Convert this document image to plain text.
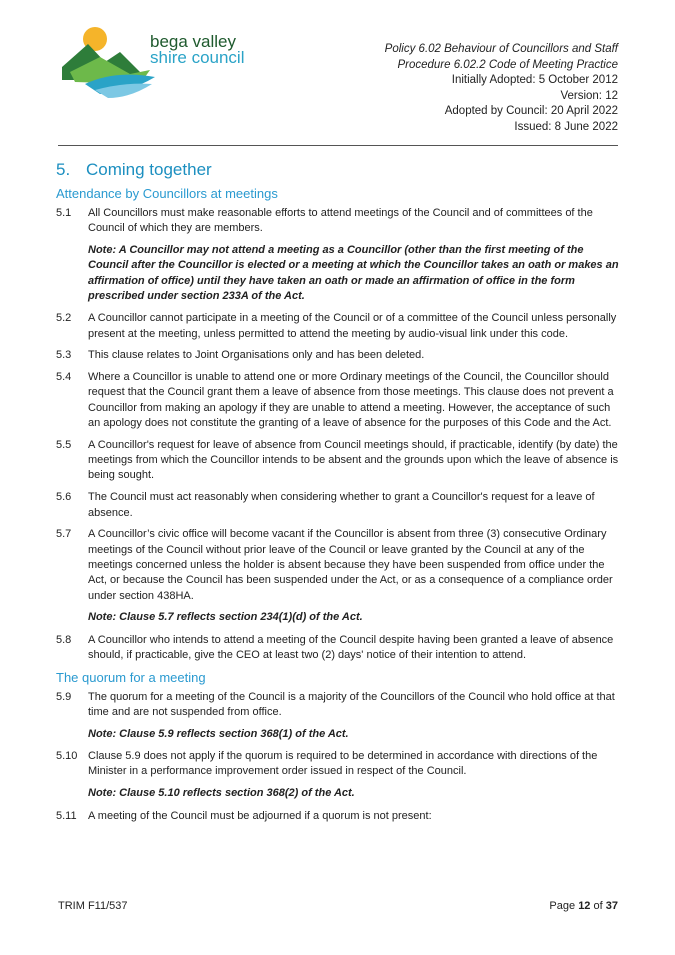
bega valley
shire council	Policy 6.02 Behaviour of Councillors and Staff
Procedure 6.02.2 Code of Meeting Practice
Initially Adopted: 5 October 2012
Version: 12
Adopted by Council: 20 April 2022
Issued: 8 June 2022
5. Coming together
Attendance by Councillors at meetings
5.1	All Councillors must make reasonable efforts to attend meetings of the Council and of committees of the Council of which they are members.
Note: A Councillor may not attend a meeting as a Councillor (other than the first meeting of the Council after the Councillor is elected or a meeting at which the Councillor takes an oath or makes an affirmation of office) until they have taken an oath or made an affirmation of office in the form prescribed under section 233A of the Act.
5.2	A Councillor cannot participate in a meeting of the Council or of a committee of the Council unless personally present at the meeting, unless permitted to attend the meeting by audio-visual link under this code.
5.3	This clause relates to Joint Organisations only and has been deleted.
5.4	Where a Councillor is unable to attend one or more Ordinary meetings of the Council, the Councillor should request that the Council grant them a leave of absence from those meetings. This clause does not prevent a Councillor from making an apology if they are unable to attend a meeting. However, the acceptance of such an apology does not constitute the granting of a leave of absence for the purposes of this Code and the Act.
5.5	A Councillor's request for leave of absence from Council meetings should, if practicable, identify (by date) the meetings from which the Councillor intends to be absent and the grounds upon which the leave of absence is being sought.
5.6	The Council must act reasonably when considering whether to grant a Councillor's request for a leave of absence.
5.7	A Councillor’s civic office will become vacant if the Councillor is absent from three (3) consecutive Ordinary meetings of the Council without prior leave of the Council or leave granted by the Council at any of the meetings concerned unless the holder is absent because they have been suspended from office under the Act, or because the Council has been suspended under the Act, or as a consequence of a compliance order under section 438HA.
Note: Clause 5.7 reflects section 234(1)(d) of the Act.
5.8	A Councillor who intends to attend a meeting of the Council despite having been granted a leave of absence should, if practicable, give the CEO at least two (2) days' notice of their intention to attend.
The quorum for a meeting
5.9	The quorum for a meeting of the Council is a majority of the Councillors of the Council who hold office at that time and are not suspended from office.
Note: Clause 5.9 reflects section 368(1) of the Act.
5.10 Clause 5.9 does not apply if the quorum is required to be determined in accordance with directions of the Minister in a performance improvement order issued in respect of the Council.
Note: Clause 5.10 reflects section 368(2) of the Act.
5.11	A meeting of the Council must be adjourned if a quorum is not present:
TRIM F11/537	Page 12 of 37
